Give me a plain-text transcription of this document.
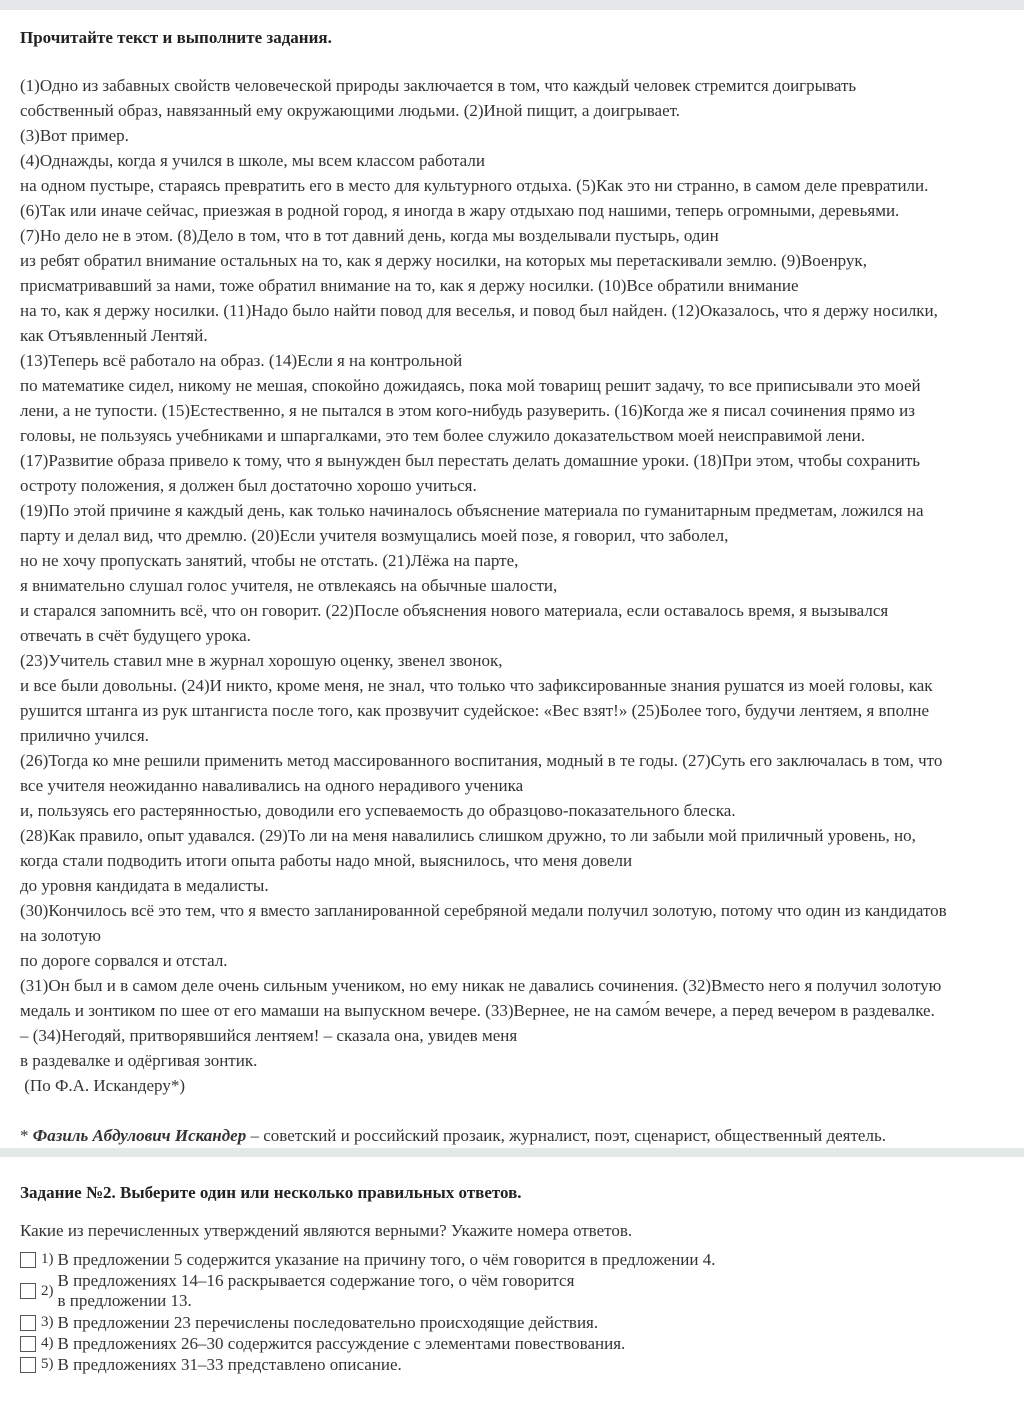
Прочитайте текст и выполните задания.

(1)Одно из забавных свойств человеческой природы заключается в том, что каждый человек стремится доигрывать

собственный образ, навязанный ему окружающими людьми. (2)Иной пищит, а доигрывает.

(3)Вот пример.

(4)Однажды, когда я учился в школе, мы всем классом работали

на одном пустыре, стараясь превратить его в место для культурного отдыха. (5)Как это ни странно, в самом деле превратили.

(6)Так или иначе сейчас, приезжая в родной город, я иногда в жару отдыхаю под нашими, теперь огромными, деревьями.

(7)Но дело не в этом. (8)Дело в том, что в тот давний день, когда мы возделывали пустырь, один

из ребят обратил внимание остальных на то, как я держу носилки, на которых мы перетаскивали землю. (9)Военрук,

присматривавший за нами, тоже обратил внимание на то, как я держу носилки. (10)Все обратили внимание

на то, как я держу носилки. (11)Надо было найти повод для веселья, и повод был найден. (12)Оказалось, что я держу носилки,

как Отъявленный Лентяй.

(13)Теперь всё работало на образ. (14)Если я на контрольной

по математике сидел, никому не мешая, спокойно дожидаясь, пока мой товарищ решит задачу, то все приписывали это моей

лени, а не тупости. (15)Естественно, я не пытался в этом кого-нибудь разуверить. (16)Когда же я писал сочинения прямо из

головы, не пользуясь учебниками и шпаргалками, это тем более служило доказательством моей неисправимой лени.

(17)Развитие образа привело к тому, что я вынужден был перестать делать домашние уроки. (18)При этом, чтобы сохранить

остроту положения, я должен был достаточно хорошо учиться.

(19)По этой причине я каждый день, как только начиналось объяснение материала по гуманитарным предметам, ложился на

парту и делал вид, что дремлю. (20)Если учителя возмущались моей позе, я говорил, что заболел,

но не хочу пропускать занятий, чтобы не отстать. (21)Лёжа на парте,

я внимательно слушал голос учителя, не отвлекаясь на обычные шалости,

и старался запомнить всё, что он говорит. (22)После объяснения нового материала, если оставалось время, я вызывался

отвечать в счёт будущего урока.

(23)Учитель ставил мне в журнал хорошую оценку, звенел звонок,

и все были довольны. (24)И никто, кроме меня, не знал, что только что зафиксированные знания рушатся из моей головы, как

рушится штанга из рук штангиста после того, как прозвучит судейское: «Вес взят!» (25)Более того, будучи лентяем, я вполне

прилично учился.

(26)Тогда ко мне решили применить метод массированного воспитания, модный в те годы. (27)Суть его заключалась в том, что

все учителя неожиданно наваливались на одного нерадивого ученика

и, пользуясь его растерянностью, доводили его успеваемость до образцово-показательного блеска.

(28)Как правило, опыт удавался. (29)То ли на меня навалились слишком дружно, то ли забыли мой приличный уровень, но,

когда стали подводить итоги опыта работы надо мной, выяснилось, что меня довели

до уровня кандидата в медалисты.

(30)Кончилось всё это тем, что я вместо запланированной серебряной медали получил золотую, потому что один из кандидатов

на золотую

по дороге сорвался и отстал.

(31)Он был и в самом деле очень сильным учеником, но ему никак не давались сочинения. (32)Вместо него я получил золотую

медаль и зонтиком по шее от его мамаши на выпускном вечере. (33)Вернее, не на само́м вечере, а перед вечером в раздевалке.

– (34)Негодяй, притворявшийся лентяем! – сказала она, увидев меня

в раздевалке и одёргивая зонтик.

(По Ф.А. Искандеру*)

* Фазиль Абдулович Искандер – советский и российский прозаик, журналист, поэт, сценарист, общественный деятель.

Задание №2. Выберите один или несколько правильных ответов.

Какие из перечисленных утверждений являются верными? Укажите номера ответов.
1) В предложении 5 содержится указание на причину того, о чём говорится в предложении 4.
2)
В предложениях 14–16 раскрывается содержание того, о чём говорится
в предложении 13.
3) В предложении 23 перечислены последовательно происходящие действия.
4) В предложениях 26–30 содержится рассуждение с элементами повествования.
5) В предложениях 31–33 представлено описание.
